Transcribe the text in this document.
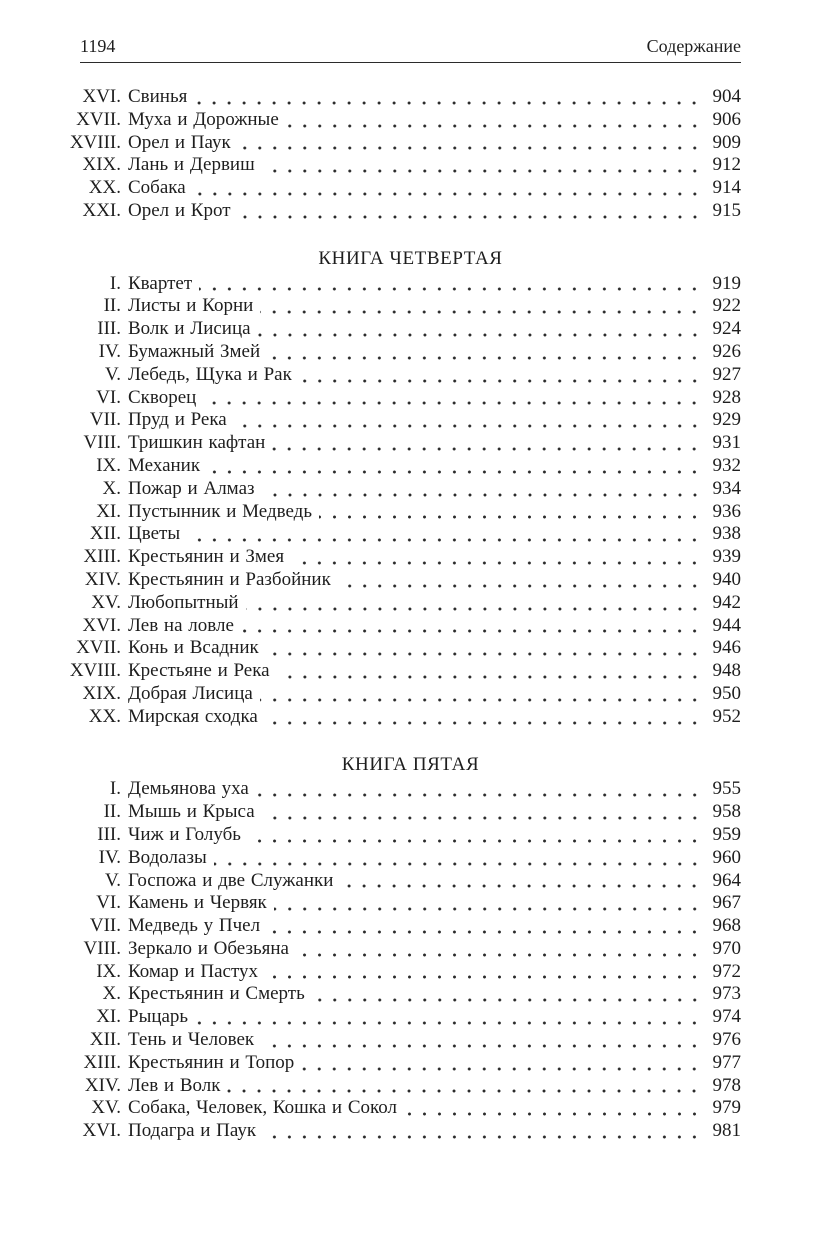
1194	Содержание
XVI. Свинья	904
XVII. Муха и Дорожные	906
XVIII. Орел и Паук	909
XIX. Лань и Дервиш	912
XX. Собака	914
XXI. Орел и Крот	915
КНИГА ЧЕТВЕРТАЯ
I. Квартет	919
II. Листы и Корни	922
III. Волк и Лисица	924
IV. Бумажный Змей	926
V. Лебедь, Щука и Рак	927
VI. Скворец	928
VII. Пруд и Река	929
VIII. Тришкин кафтан	931
IX. Механик	932
X. Пожар и Алмаз	934
XI. Пустынник и Медведь	936
XII. Цветы	938
XIII. Крестьянин и Змея	939
XIV. Крестьянин и Разбойник	940
XV. Любопытный	942
XVI. Лев на ловле	944
XVII. Конь и Всадник	946
XVIII. Крестьяне и Река	948
XIX. Добрая Лисица	950
XX. Мирская сходка	952
КНИГА ПЯТАЯ
I. Демьянова уха	955
II. Мышь и Крыса	958
III. Чиж и Голубь	959
IV. Водолазы	960
V. Госпожа и две Служанки	964
VI. Камень и Червяк	967
VII. Медведь у Пчел	968
VIII. Зеркало и Обезьяна	970
IX. Комар и Пастух	972
X. Крестьянин и Смерть	973
XI. Рыцарь	974
XII. Тень и Человек	976
XIII. Крестьянин и Топор	977
XIV. Лев и Волк	978
XV. Собака, Человек, Кошка и Сокол	979
XVI. Подагра и Паук	981
